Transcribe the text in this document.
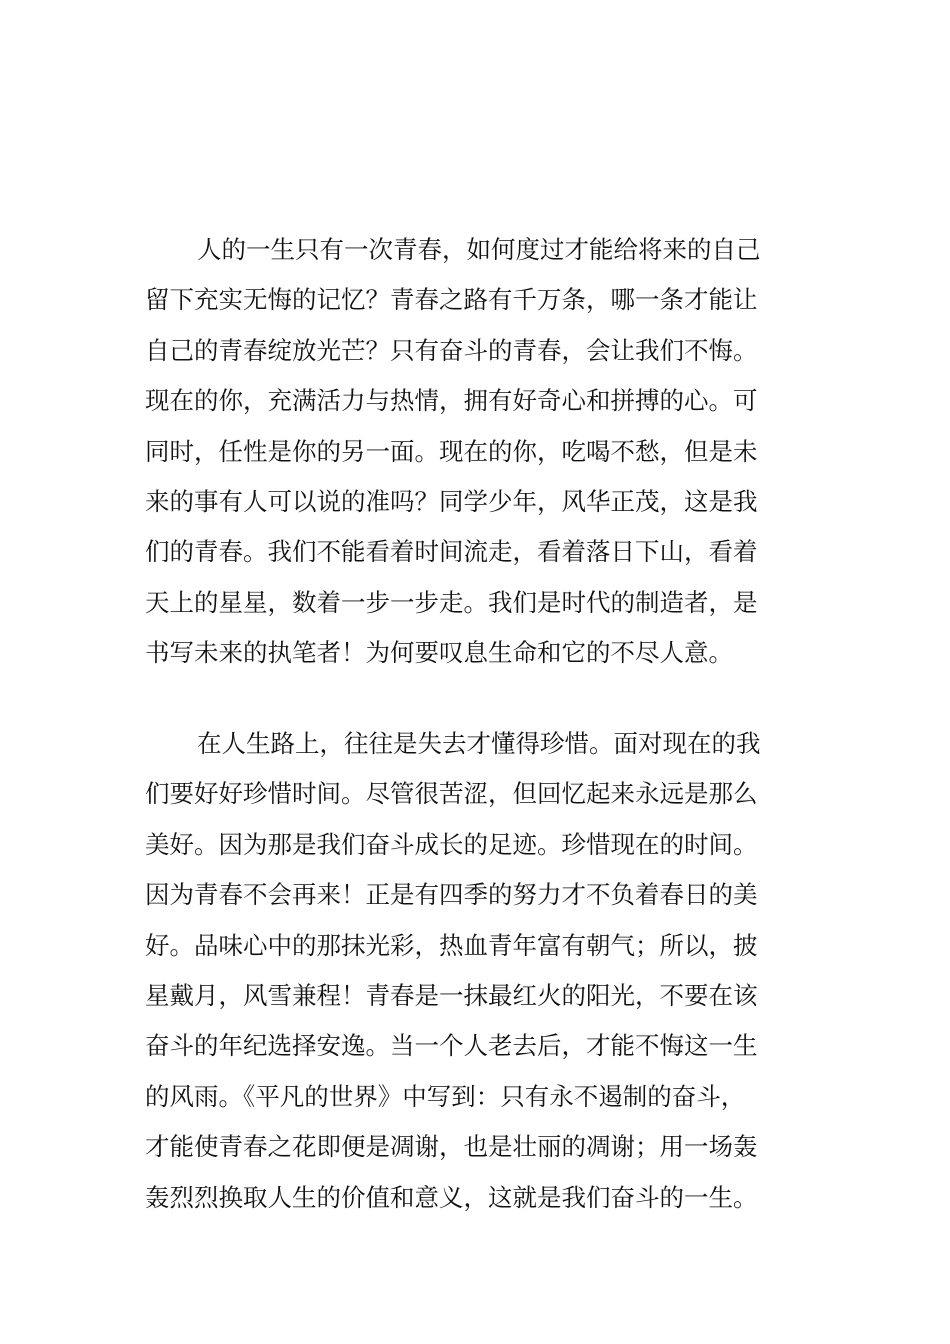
人的一生只有一次青春，如何度过才能给将来的自己
留下充实无悔的记忆？青春之路有千万条，哪一条才能让
自己的青春绽放光芒？只有奋斗的青春，会让我们不悔。
现在的你，充满活力与热情，拥有好奇心和拼搏的心。可
同时，任性是你的另一面。现在的你，吃喝不愁，但是未
来的事有人可以说的准吗？同学少年，风华正茂，这是我
们的青春。我们不能看着时间流走，看着落日下山，看着
天上的星星，数着一步一步走。我们是时代的制造者，是
书写未来的执笔者！为何要叹息生命和它的不尽人意。
在人生路上，往往是失去才懂得珍惜。面对现在的我
们要好好珍惜时间。尽管很苦涩，但回忆起来永远是那么
美好。因为那是我们奋斗成长的足迹。珍惜现在的时间。
因为青春不会再来！正是有四季的努力才不负着春日的美
好。品味心中的那抹光彩，热血青年富有朝气；所以，披
星戴月，风雪兼程！青春是一抹最红火的阳光，不要在该
奋斗的年纪选择安逸。当一个人老去后，才能不悔这一生
的风雨。《平凡的世界》中写到：只有永不遏制的奋斗，
才能使青春之花即便是凋谢，也是壮丽的凋谢；用一场轰
轰烈烈换取人生的价值和意义，这就是我们奋斗的一生。
